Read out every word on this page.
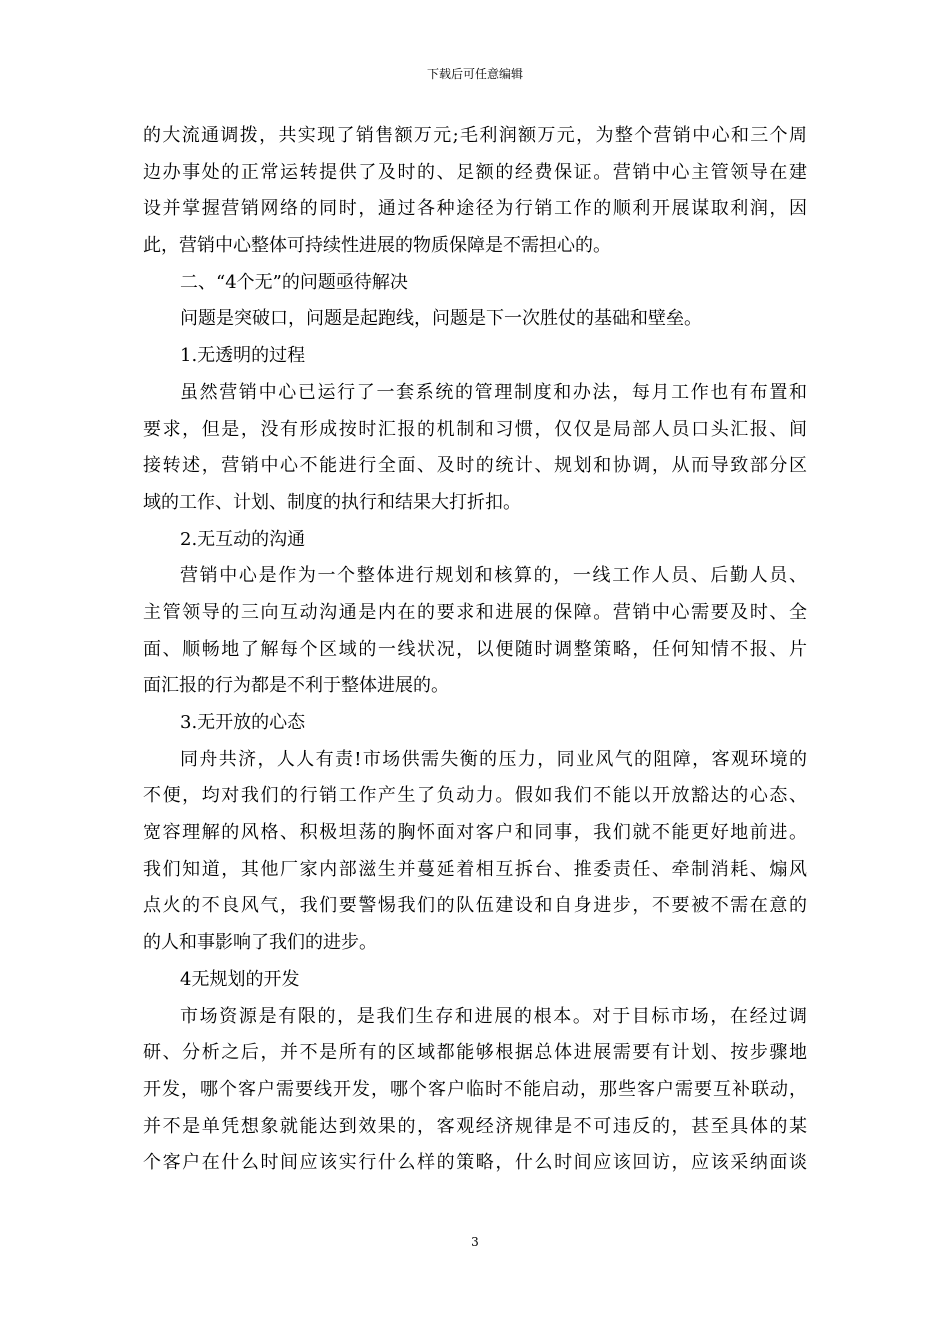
下载后可任意编辑
的大流通调拨，共实现了销售额万元;毛利润额万元，为整个营销中心和三个周
边办事处的正常运转提供了及时的、足额的经费保证。营销中心主管领导在建
设并掌握营销网络的同时，通过各种途径为行销工作的顺利开展谋取利润，因
此，营销中心整体可持续性进展的物质保障是不需担心的。
二、“4个无”的问题亟待解决
问题是突破口，问题是起跑线，问题是下一次胜仗的基础和壁垒。
1.无透明的过程
虽然营销中心已运行了一套系统的管理制度和办法，每月工作也有布置和
要求，但是，没有形成按时汇报的机制和习惯，仅仅是局部人员口头汇报、间
接转述，营销中心不能进行全面、及时的统计、规划和协调，从而导致部分区
域的工作、计划、制度的执行和结果大打折扣。
2.无互动的沟通
营销中心是作为一个整体进行规划和核算的，一线工作人员、后勤人员、
主管领导的三向互动沟通是内在的要求和进展的保障。营销中心需要及时、全
面、顺畅地了解每个区域的一线状况，以便随时调整策略，任何知情不报、片
面汇报的行为都是不利于整体进展的。
3.无开放的心态
同舟共济，人人有责!市场供需失衡的压力，同业风气的阻障，客观环境的
不便，均对我们的行销工作产生了负动力。假如我们不能以开放豁达的心态、
宽容理解的风格、积极坦荡的胸怀面对客户和同事，我们就不能更好地前进。
我们知道，其他厂家内部滋生并蔓延着相互拆台、推委责任、牵制消耗、煽风
点火的不良风气，我们要警惕我们的队伍建设和自身进步，不要被不需在意的
的人和事影响了我们的进步。
4无规划的开发
市场资源是有限的，是我们生存和进展的根本。对于目标市场，在经过调
研、分析之后，并不是所有的区域都能够根据总体进展需要有计划、按步骤地
开发，哪个客户需要线开发，哪个客户临时不能启动，那些客户需要互补联动，
并不是单凭想象就能达到效果的，客观经济规律是不可违反的，甚至具体的某
个客户在什么时间应该实行什么样的策略，什么时间应该回访，应该采纳面谈
3
